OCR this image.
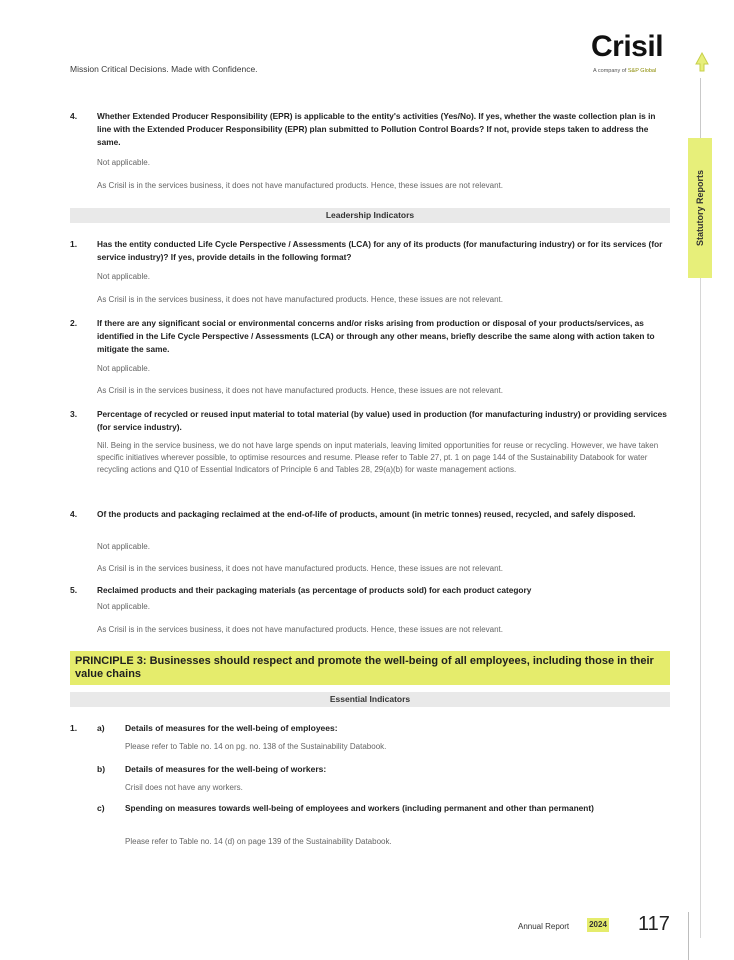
Mission Critical Decisions. Made with Confidence.
Crisil
A company of S&P Global
Statutory Reports
4. Whether Extended Producer Responsibility (EPR) is applicable to the entity's activities (Yes/No). If yes, whether the waste collection plan is in line with the Extended Producer Responsibility (EPR) plan submitted to Pollution Control Boards? If not, provide steps taken to address the same.
Not applicable.
As Crisil is in the services business, it does not have manufactured products. Hence, these issues are not relevant.
Leadership Indicators
1. Has the entity conducted Life Cycle Perspective / Assessments (LCA) for any of its products (for manufacturing industry) or for its services (for service industry)? If yes, provide details in the following format?
Not applicable.
As Crisil is in the services business, it does not have manufactured products. Hence, these issues are not relevant.
2. If there are any significant social or environmental concerns and/or risks arising from production or disposal of your products/services, as identified in the Life Cycle Perspective / Assessments (LCA) or through any other means, briefly describe the same along with action taken to mitigate the same.
Not applicable.
As Crisil is in the services business, it does not have manufactured products. Hence, these issues are not relevant.
3. Percentage of recycled or reused input material to total material (by value) used in production (for manufacturing industry) or providing services (for service industry).
Nil. Being in the service business, we do not have large spends on input materials, leaving limited opportunities for reuse or recycling. However, we have taken specific initiatives wherever possible, to optimise resources and resume. Please refer to Table 27, pt. 1 on page 144 of the Sustainability Databook for water recycling actions and Q10 of Essential Indicators of Principle 6 and Tables 28, 29(a)(b) for waste management actions.
4. Of the products and packaging reclaimed at the end-of-life of products, amount (in metric tonnes) reused, recycled, and safely disposed.
Not applicable.
As Crisil is in the services business, it does not have manufactured products. Hence, these issues are not relevant.
5. Reclaimed products and their packaging materials (as percentage of products sold) for each product category
Not applicable.
As Crisil is in the services business, it does not have manufactured products. Hence, these issues are not relevant.
PRINCIPLE 3: Businesses should respect and promote the well-being of all employees, including those in their value chains
Essential Indicators
1. a) Details of measures for the well-being of employees:
Please refer to Table no. 14 on pg. no. 138 of the Sustainability Databook.
b) Details of measures for the well-being of workers:
Crisil does not have any workers.
c) Spending on measures towards well-being of employees and workers (including permanent and other than permanent)
Please refer to Table no. 14 (d) on page 139 of the Sustainability Databook.
Annual Report 2024 117
